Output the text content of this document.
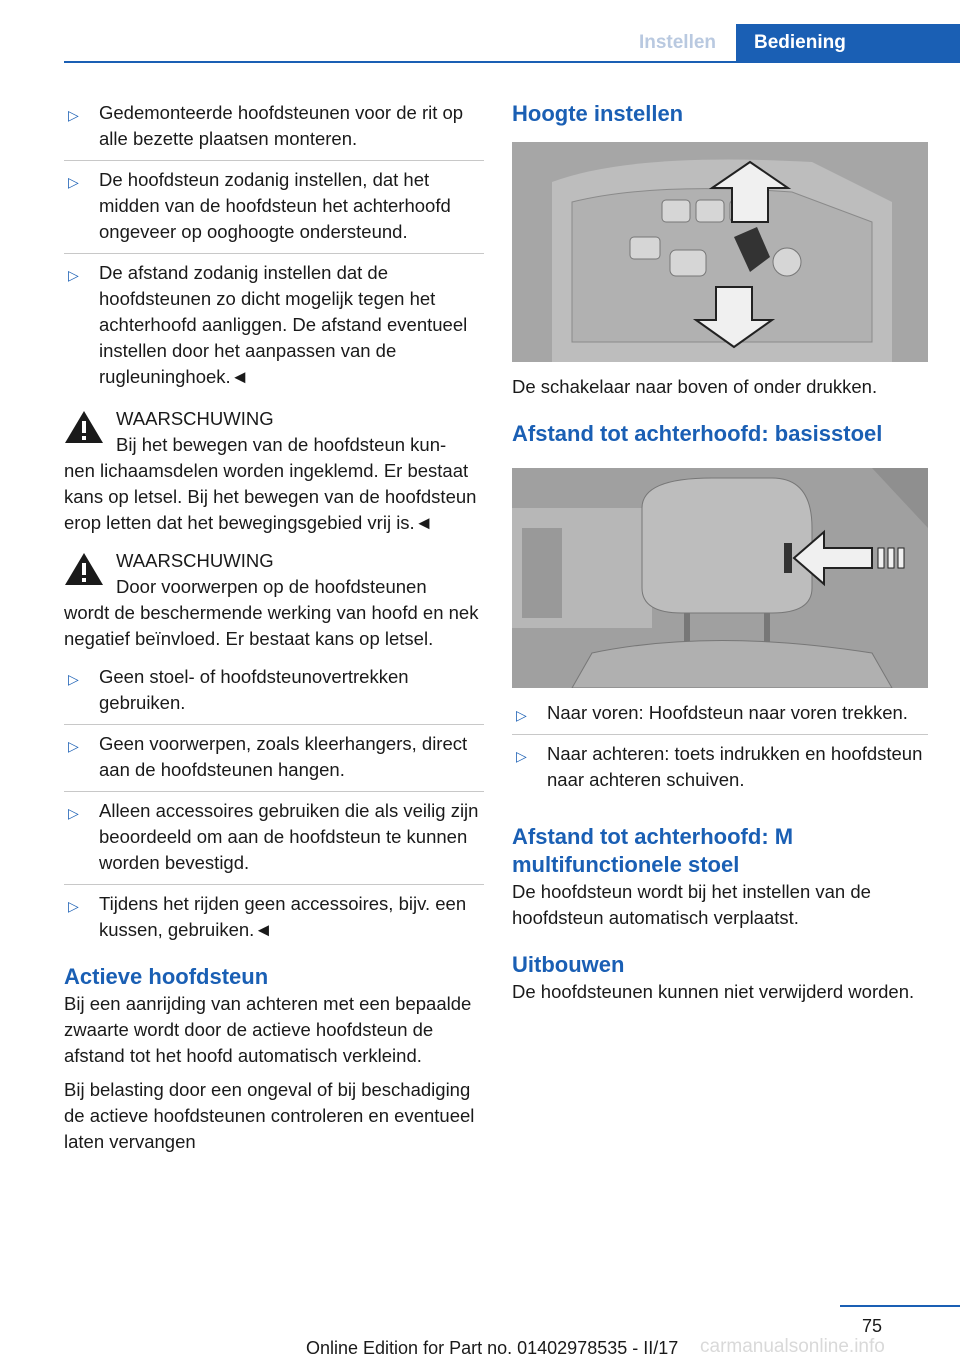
Instellen	Bediening
▷ Gedemonteerde hoofdsteunen voor de rit op alle bezette plaatsen monteren.
▷ De hoofdsteun zodanig instellen, dat het midden van de hoofdsteun het achterhoofd ongeveer op ooghoogte ondersteund.
▷ De afstand zodanig instellen dat de hoofdsteunen zo dicht mogelijk tegen het achterhoofd aanliggen. De afstand eventueel instellen door het aanpassen van de rugleuninghoek.◄

WAARSCHUWING

Bij het bewegen van de hoofdsteun kun-

nen lichaamsdelen worden ingeklemd. Er bestaat kans op letsel. Bij het bewegen van de hoofdsteun erop letten dat het bewegingsgebied vrij is.◄

WAARSCHUWING

Door voorwerpen op de hoofdsteunen

wordt de beschermende werking van hoofd en nek negatief beïnvloed. Er bestaat kans op letsel.

▷ Geen stoel- of hoofdsteunovertrekken gebruiken.
▷ Geen voorwerpen, zoals kleerhangers, direct aan de hoofdsteunen hangen.
▷ Alleen accessoires gebruiken die als veilig zijn beoordeeld om aan de hoofdsteun te kunnen worden bevestigd.
▷ Tijdens het rijden geen accessoires, bijv. een kussen, gebruiken.◄
Actieve hoofdsteun

Bij een aanrijding van achteren met een bepaalde zwaarte wordt door de actieve hoofdsteun de afstand tot het hoofd automatisch verkleind.

Bij belasting door een ongeval of bij beschadiging de actieve hoofdsteunen controleren en eventueel laten vervangen

Hoogte instellen

De schakelaar naar boven of onder drukken.

Afstand tot achterhoofd: basisstoel
▷ Naar voren: Hoofdsteun naar voren trekken.
▷ Naar achteren: toets indrukken en hoofdsteun naar achteren schuiven.
Afstand tot achterhoofd: M multifunctionele stoel

De hoofdsteun wordt bij het instellen van de hoofdsteun automatisch verplaatst.

Uitbouwen

De hoofdsteunen kunnen niet verwijderd worden.

75
Online Edition for Part no. 01402978535 - II/17 carmanualsonline.info
